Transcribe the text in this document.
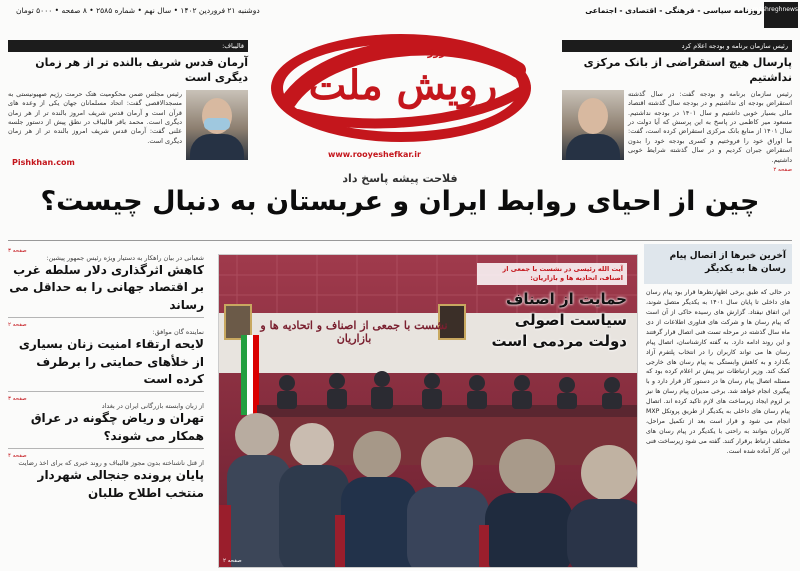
روزنامه سیاسی - فرهنگی - اقتصادی - اجتماعی
دوشنبه ۲۱ فروردین ۱۴۰۲ • سال نهم • شماره ۲۵۸۵ • ۸ صفحه • ۵۰۰۰ تومان	mashreghnews
روزنامه
رویش ملت
www.rooyeshefkar.ir
رئیس سازمان برنامه و بودجه اعلام کرد
پارسال هیچ استقراضی از بانک مرکزی نداشتیم
رئیس سازمان برنامه و بودجه گفت: در سال گذشته استقراض بودجه ای نداشتیم و در بودجه سال گذشته اقتصاد مالی بسیار خوبی داشتیم و سال ۱۴۰۱ در بودجه نداشتیم. مسعود میر کاظمی در پاسخ به این پرسش که آیا دولت در سال ۱۴۰۱ از منابع بانک مرکزی استقراض کرده است، گفت: ما اوراق خود را فروختیم و کسری بودجه خود را بدون استقراض جبران کردیم و در سال گذشته شرایط خوبی داشتیم.
صفحه ۲
قالیباف:
آرمان قدس شریف بالنده تر از هر زمان دیگری است
رئیس مجلس ضمن محکومیت هتک حرمت رژیم صهیونیستی به مسجدالاقصی گفت: اتحاد مسلمانان جهان یکی از وعده های قرآن است و آرمان قدس شریف امروز بالنده تر از هر زمان دیگری است. محمد باقر قالیباف در نطق پیش از دستور جلسه علنی گفت: آرمان قدس شریف امروز بالنده تر از هر زمان دیگری است.
Pishkhan.com
فلاحت پیشه پاسخ داد
چین از احیای روابط ایران و عربستان به دنبال چیست؟
صفحه ۳
شعبانی در بیان راهکار به دستیار ویژه رئیس جمهور پیشین:
کاهش اثرگذاری دلار سلطه غرب بر اقتصاد جهانی را به حداقل می رساند
صفحه ۲
نماینده گان موافق:
لایحه ارتقاء امنیت زنان بسیاری از خلأهای حمایتی را برطرف کرده است
صفحه ۳
از زبان وابسته بازرگانی ایران در بغداد
تهران و ریاض چگونه در عراق همکار می شوند؟
صفحه ۴
از قتل ناشناخته بدون مجوز قالیباف و روند خبری که برای اخذ رضایت
پایان پرونده جنجالی شهردار منتخب اطلاح طلبان
نشست با جمعی از اصناف و اتحادیه ها و بازاریان
آیت الله رئیسی در نشست با جمعی از اصناف، اتحادیه ها و بازاریان:
حمایت از اصناف سیاست اصولی دولت مردمی است
صفحه ۲
آخرین خبرها از اتصال پیام رسان ها به یکدیگر
در حالی که طبق برخی اظهارنظرها قرار بود پیام رسان های داخلی تا پایان سال ۱۴۰۱ به یکدیگر متصل شوند، این اتفاق نیفتاد. گزارش های رسیده حاکی از آن است که پیام رسان ها و شرکت های فناوری اطلاعات از دی ماه سال گذشته در مرحله تست فنی اتصال قرار گرفتند و این روند ادامه دارد. به گفته کارشناسان، اتصال پیام رسان ها می تواند کاربران را در انتخاب پلتفرم آزاد بگذارد و به کاهش وابستگی به پیام رسان های خارجی کمک کند. وزیر ارتباطات نیز پیش تر اعلام کرده بود که مسئله اتصال پیام رسان ها در دستور کار قرار دارد و با پیگیری انجام خواهد شد. برخی مدیران پیام رسان ها نیز بر لزوم ایجاد زیرساخت های لازم تاکید کرده اند. اتصال پیام رسان های داخلی به یکدیگر از طریق پروتکل MXP انجام می شود و قرار است بعد از تکمیل مراحل، کاربران بتوانند به راحتی با یکدیگر در پیام رسان های مختلف ارتباط برقرار کنند. گفته می شود زیرساخت فنی این کار آماده شده است.
